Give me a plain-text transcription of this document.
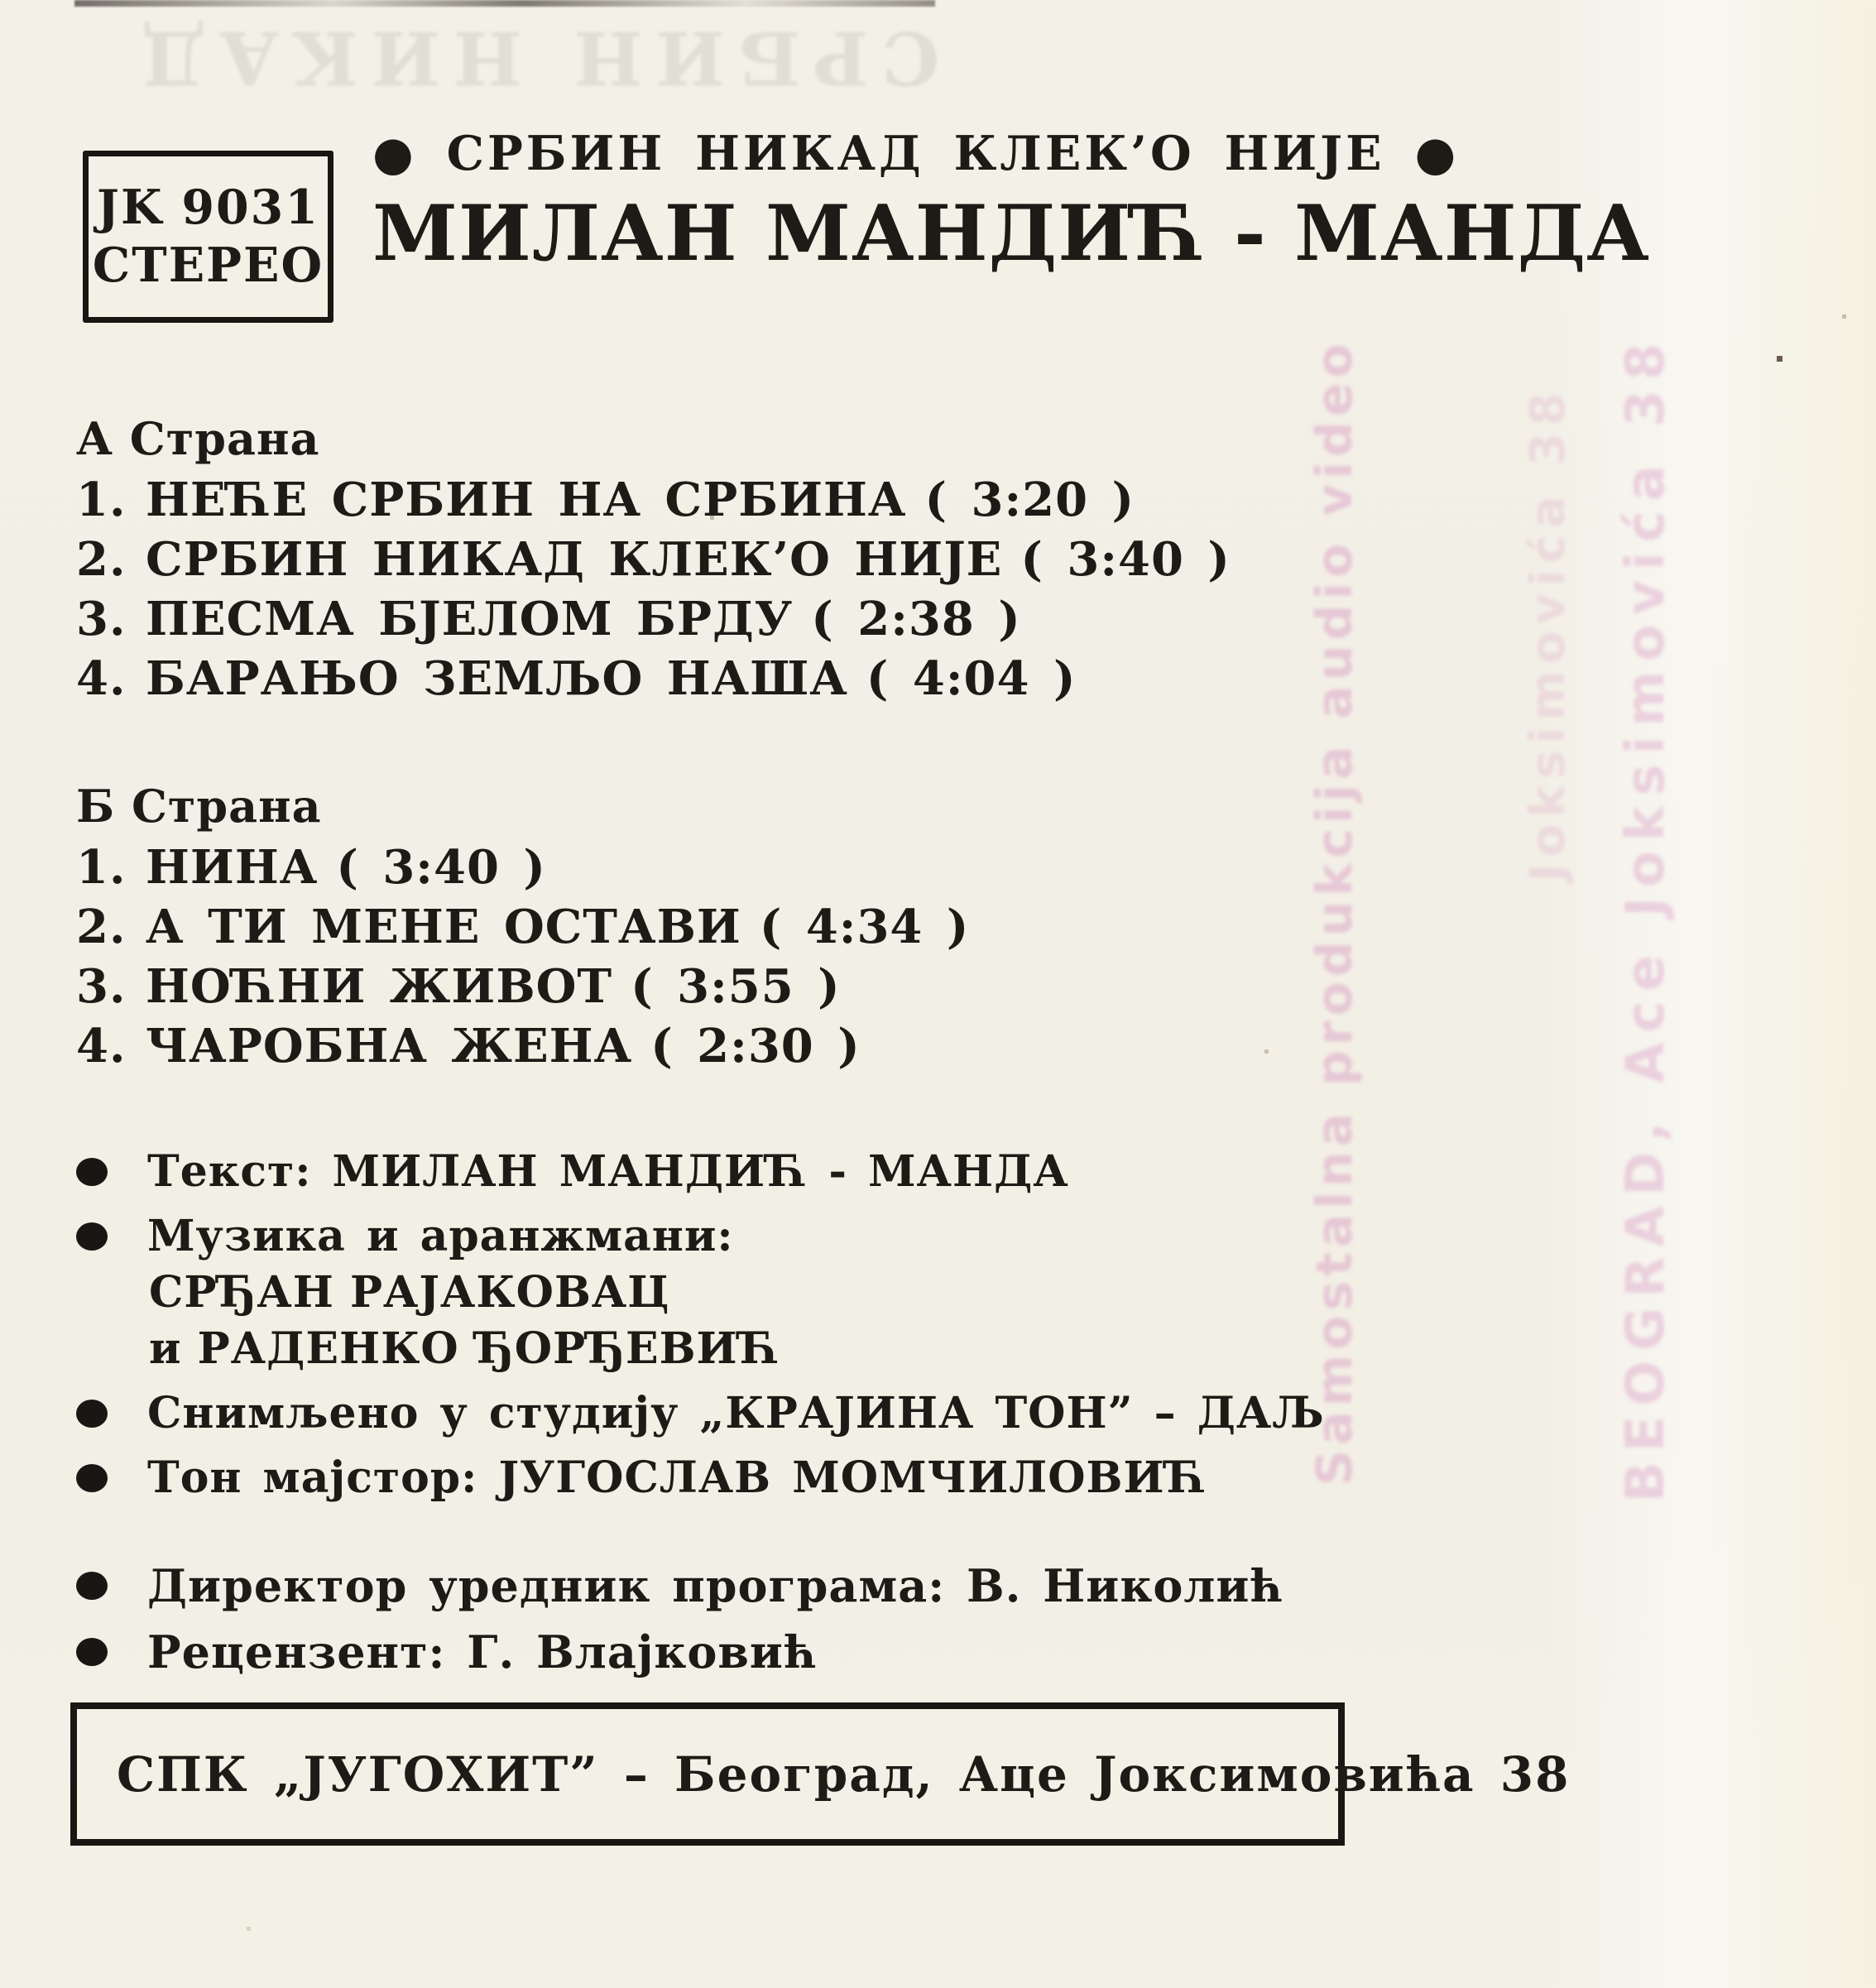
СРБИН НИКАД
Samostalna produkcija audio video	BEOGRAD, Ace Joksimovića 38
Joksimovića 38
JK 9031
СТЕРЕО
● СРБИН НИКАД КЛЕК’О НИЈЕ ●
МИЛАН МАНДИЋ - МАНДА
А Страна
1. НЕЋЕ СРБИН НА СРБИНА ( 3:20 )
2. СРБИН НИКАД КЛЕК’О НИЈЕ ( 3:40 )
3. ПЕСМА БЈЕЛОМ БРДУ ( 2:38 )
4. БАРАЊО ЗЕМЉО НАША ( 4:04 )
Б Страна
1. НИНА ( 3:40 )
2. А ТИ МЕНЕ ОСТАВИ ( 4:34 )
3. НОЋНИ ЖИВОТ ( 3:55 )
4. ЧАРОБНА ЖЕНА ( 2:30 )
Текст: МИЛАН МАНДИЋ - МАНДА
Музика и аранжмани:
СРЂАН РАЈАКОВАЦ
и РАДЕНКО ЂОРЂЕВИЋ
Снимљено у студију „КРАЈИНА ТОН” – ДАЉ
Тон мајстор: ЈУГОСЛАВ МОМЧИЛОВИЋ
Директор уредник програма: В. Николић
Рецензент: Г. Влајковић
СПК „ЈУГОХИТ” – Београд, Аце Јоксимовића 38
